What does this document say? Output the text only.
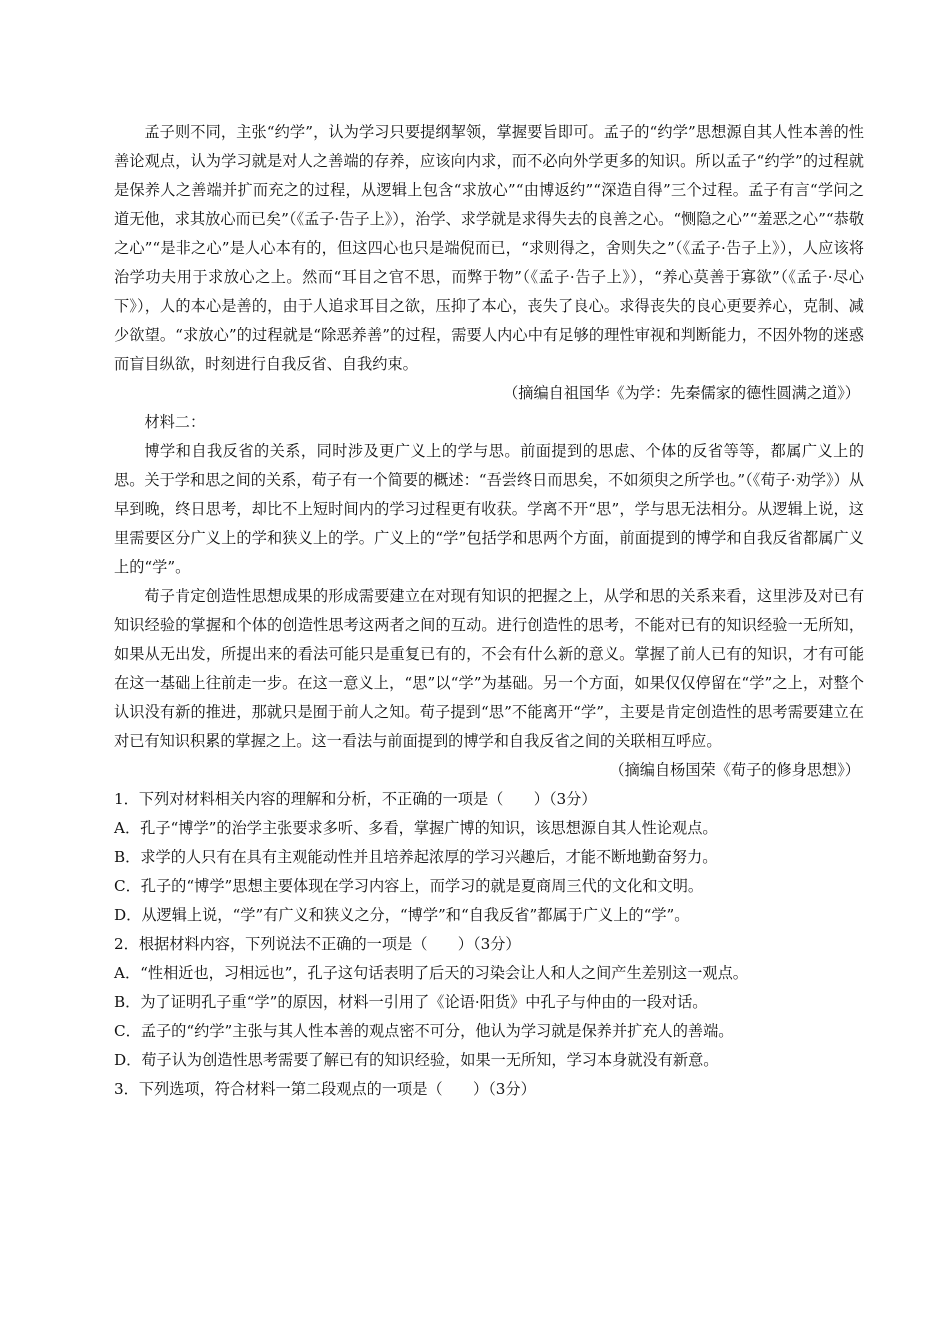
孟子则不同，主张“约学”，认为学习只要提纲挈领，掌握要旨即可。孟子的“约学”思想源自其人性本善的性善论观点，认为学习就是对人之善端的存养，应该向内求，而不必向外学更多的知识。所以孟子“约学”的过程就是保养人之善端并扩而充之的过程，从逻辑上包含“求放心”“由博返约”“深造自得”三个过程。孟子有言“学问之道无他，求其放心而已矣”（《孟子·告子上》），治学、求学就是求得失去的良善之心。“恻隐之心”“羞恶之心”“恭敬之心”“是非之心”是人心本有的，但这四心也只是端倪而已，“求则得之，舍则失之”（《孟子·告子上》），人应该将治学功夫用于求放心之上。然而“耳目之官不思，而弊于物”（《孟子·告子上》），“养心莫善于寡欲”（《孟子·尽心下》），人的本心是善的，由于人追求耳目之欲，压抑了本心，丧失了良心。求得丧失的良心更要养心，克制、减少欲望。“求放心”的过程就是“除恶养善”的过程，需要人内心中有足够的理性审视和判断能力，不因外物的迷惑而盲目纵欲，时刻进行自我反省、自我约束。

（摘编自祖国华《为学：先秦儒家的德性圆满之道》）

材料二：

博学和自我反省的关系，同时涉及更广义上的学与思。前面提到的思虑、个体的反省等等，都属广义上的思。关于学和思之间的关系，荀子有一个简要的概述：“吾尝终日而思矣，不如须臾之所学也。”（《荀子·劝学》）从早到晚，终日思考，却比不上短时间内的学习过程更有收获。学离不开“思”，学与思无法相分。从逻辑上说，这里需要区分广义上的学和狭义上的学。广义上的“学”包括学和思两个方面，前面提到的博学和自我反省都属广义上的“学”。

荀子肯定创造性思想成果的形成需要建立在对现有知识的把握之上，从学和思的关系来看，这里涉及对已有知识经验的掌握和个体的创造性思考这两者之间的互动。进行创造性的思考，不能对已有的知识经验一无所知，如果从无出发，所提出来的看法可能只是重复已有的，不会有什么新的意义。掌握了前人已有的知识，才有可能在这一基础上往前走一步。在这一意义上，“思”以“学”为基础。另一个方面，如果仅仅停留在“学”之上，对整个认识没有新的推进，那就只是囿于前人之知。荀子提到“思”不能离开“学”，主要是肯定创造性的思考需要建立在对已有知识积累的掌握之上。这一看法与前面提到的博学和自我反省之间的关联相互呼应。

（摘编自杨国荣《荀子的修身思想》）

1．下列对材料相关内容的理解和分析，不正确的一项是（　　）（3分）

A．孔子“博学”的治学主张要求多听、多看，掌握广博的知识，该思想源自其人性论观点。

B．求学的人只有在具有主观能动性并且培养起浓厚的学习兴趣后，才能不断地勤奋努力。

C．孔子的“博学”思想主要体现在学习内容上，而学习的就是夏商周三代的文化和文明。

D．从逻辑上说，“学”有广义和狭义之分，“博学”和“自我反省”都属于广义上的“学”。

2．根据材料内容，下列说法不正确的一项是（　　）（3分）

A．“性相近也，习相远也”，孔子这句话表明了后天的习染会让人和人之间产生差别这一观点。

B．为了证明孔子重“学”的原因，材料一引用了《论语·阳货》中孔子与仲由的一段对话。

C．孟子的“约学”主张与其人性本善的观点密不可分，他认为学习就是保养并扩充人的善端。

D．荀子认为创造性思考需要了解已有的知识经验，如果一无所知，学习本身就没有新意。

3．下列选项，符合材料一第二段观点的一项是（　　）（3分）
